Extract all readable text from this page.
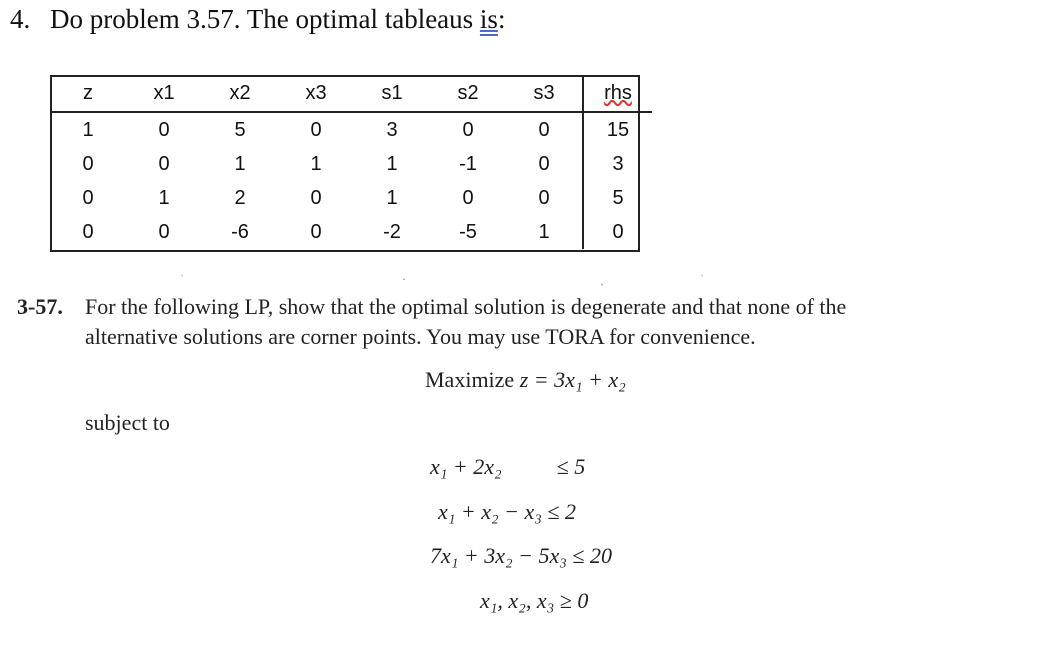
4. Do problem 3.57. The optimal tableaus is:
z	x1	x2	x3	s1	s2	s3	rhs
1	0	5	0	3	0	0	15
0	0	1	1	1	-1	0	3
0	1	2	0	1	0	0	5
0	0	-6	0	-2	-5	1	0
ˈ	·	ˎ	ˈ
3-57. For the following LP, show that the optimal solution is degenerate and that none of the
alternative solutions are corner points. You may use TORA for convenience.
Maximize z = 3x₁ + x₂
subject to
x₁ + 2x₂          ≤ 5
x₁ + x₂ − x₃ ≤ 2
7x₁ + 3x₂ − 5x₃ ≤ 20
x₁, x₂, x₃ ≥ 0
